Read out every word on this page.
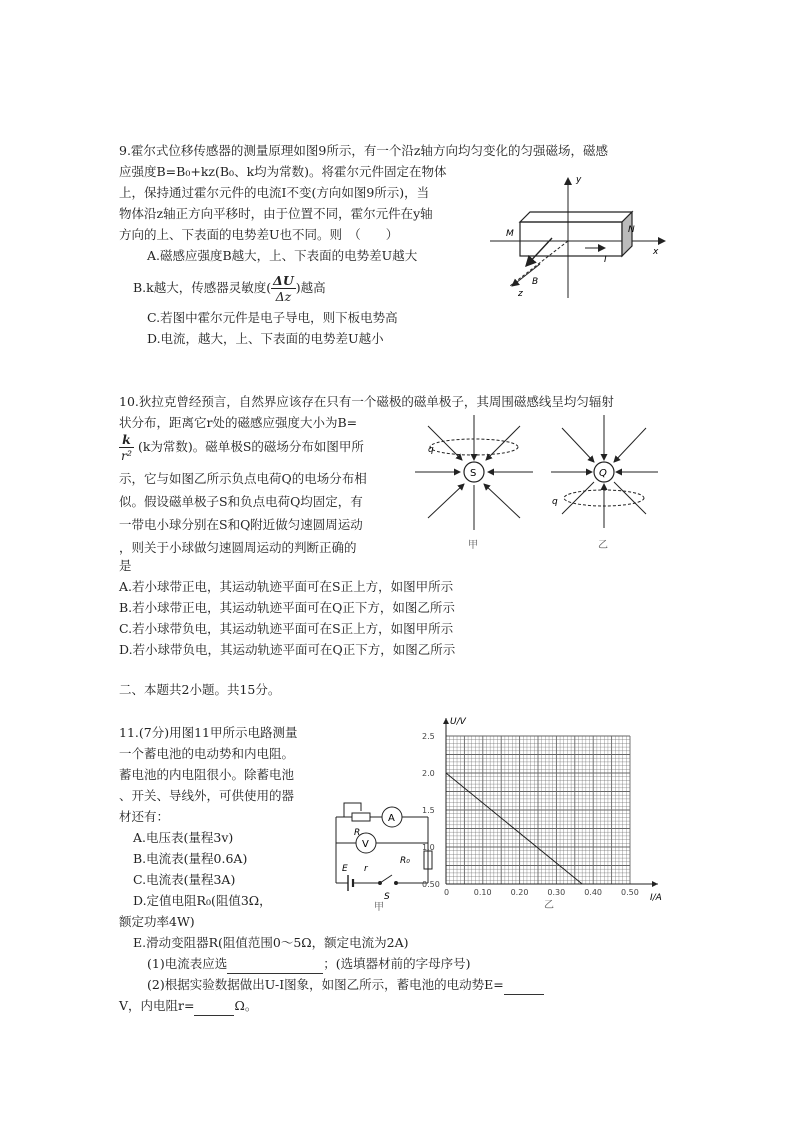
9.霍尔式位移传感器的测量原理如图9所示，有一个沿z轴方向均匀变化的匀强磁场，磁感
应强度B=B₀+kz(B₀、k均为常数)。将霍尔元件固定在物体
上，保持通过霍尔元件的电流I不变(方向如图9所示)，当
物体沿z轴正方向平移时，由于位置不同，霍尔元件在y轴
方向的上、下表面的电势差U也不同。则　（　　）
A.磁感应强度B越大，上、下表面的电势差U越大
B.k越大，传感器灵敏度( $\frac{\Delta U}{\Delta z}$ )越高
C.若图中霍尔元件是电子导电，则下板电势高
D.电流，越大，上、下表面的电势差U越小
y
x
z
B
I
M	N
10.狄拉克曾经预言，自然界应该存在只有一个磁极的磁单极子，其周围磁感线呈均匀辐射
状分布，距离它r处的磁感应强度大小为B=
$\frac{k}{\text{r²}} (k$为常数)。磁单极S的磁场分布如图甲所
示，它与如图乙所示负点电荷Q的电场分布相
似。假设磁单极子S和负点电荷Q均固定，有
一带电小球分别在S和Q附近做匀速圆周运动
，则关于小球做匀速圆周运动的判断正确的
是
A.若小球带正电，其运动轨迹平面可在S正上方，如图甲所示
B.若小球带正电，其运动轨迹平面可在Q正下方，如图乙所示
C.若小球带负电，其运动轨迹平面可在S正上方，如图甲所示
D.若小球带负电，其运动轨迹平面可在Q正下方，如图乙所示
S
q
甲
Q
q
乙
二、本题共2小题。共15分。
11.(7分)用图11甲所示电路测量
一个蓄电池的电动势和内电阻。
蓄电池的内电阻很小。除蓄电池
、开关、导线外，可供使用的器
材还有：
A.电压表(量程3v)
B.电流表(量程0.6A)
C.电流表(量程3A)
D.定值电阻R₀(阻值3Ω，
额定功率4W)
E.滑动变阻器R(阻值范围0～5Ω，额定电流为2A)
(1)电流表应选	；(选填器材前的字母序号)
(2)根据实验数据做出U-I图象，如图乙所示，蓄电池的电动势E=
V，内电阻r=	Ω。
A
V
R
E r
R₀
S
甲
0	0.10 0.20 0.30 0.40 0.50
0.50
1.0
1.5
2.0
2.5
U/V
I/A
乙
